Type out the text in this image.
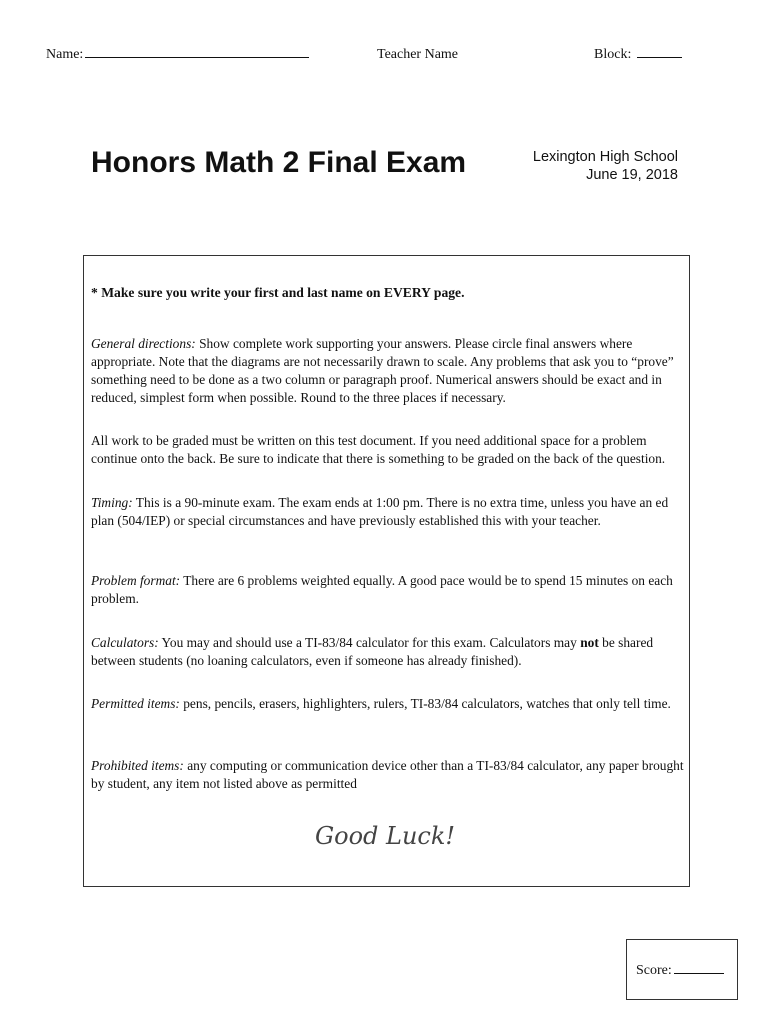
Name:	Teacher Name	Block:
Honors Math 2 Final Exam	Lexington High School
June 19, 2018

* Make sure you write your first and last name on EVERY page.

General directions: Show complete work supporting your answers. Please circle final answers where appropriate. Note that the diagrams are not necessarily drawn to scale. Any problems that ask you to “prove” something need to be done as a two column or paragraph proof. Numerical answers should be exact and in reduced, simplest form when possible. Round to the three places if necessary.

All work to be graded must be written on this test document. If you need additional space for a problem continue onto the back. Be sure to indicate that there is something to be graded on the back of the question.

Timing: This is a 90-minute exam. The exam ends at 1:00 pm. There is no extra time, unless you have an ed plan (504/IEP) or special circumstances and have previously established this with your teacher.

Problem format: There are 6 problems weighted equally. A good pace would be to spend 15 minutes on each problem.

Calculators: You may and should use a TI-83/84 calculator for this exam. Calculators may not be shared between students (no loaning calculators, even if someone has already finished).

Permitted items: pens, pencils, erasers, highlighters, rulers, TI-83/84 calculators, watches that only tell time.

Prohibited items: any computing or communication device other than a TI-83/84 calculator, any paper brought by student, any item not listed above as permitted

Good Luck!
Score:
